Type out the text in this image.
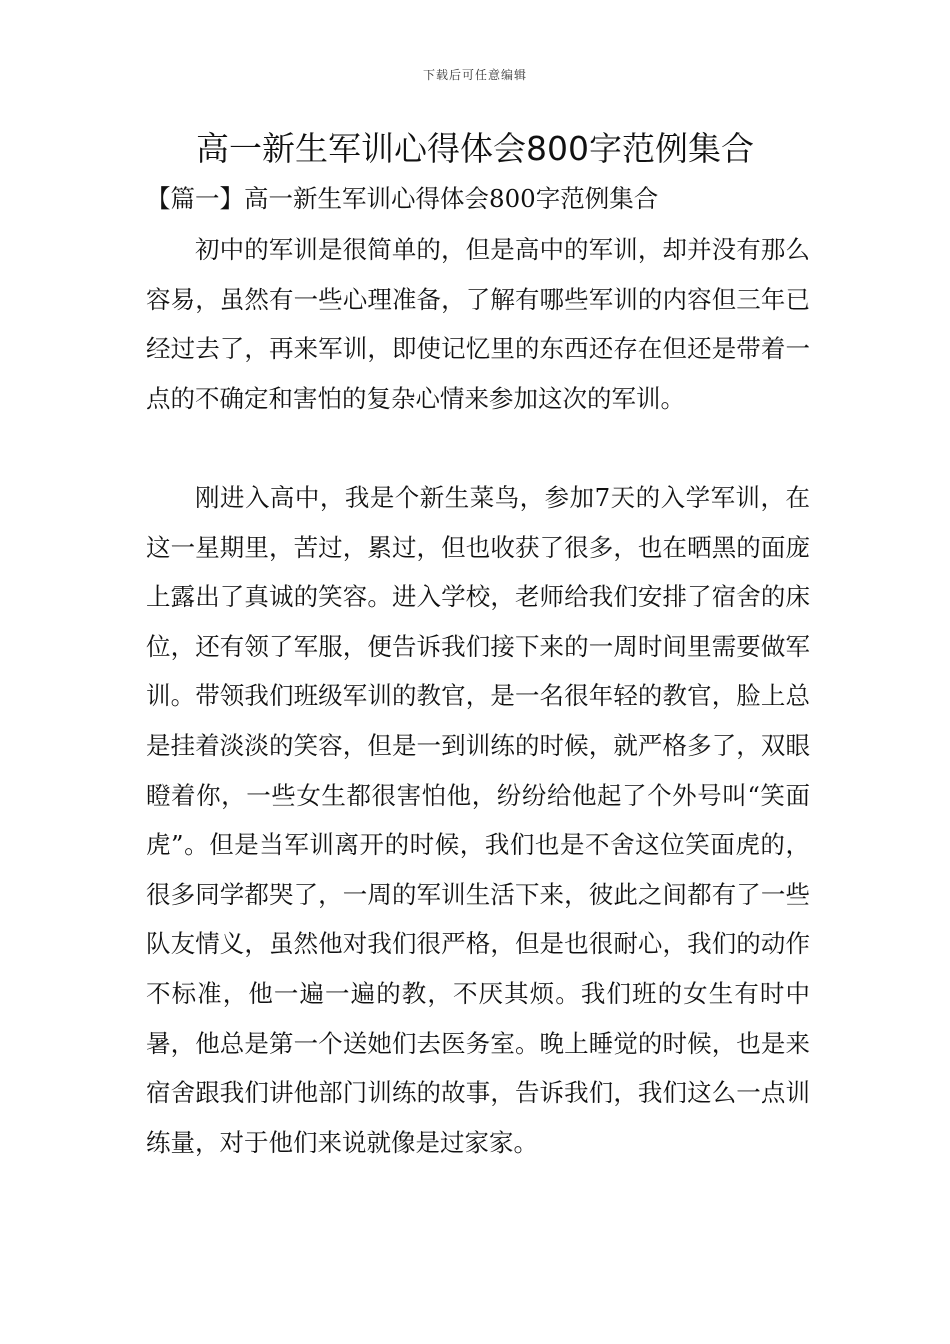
下载后可任意编辑
高一新生军训心得体会800字范例集合
【篇一】高一新生军训心得体会800字范例集合

初中的军训是很简单的，但是高中的军训，却并没有那么容易，虽然有一些心理准备，了解有哪些军训的内容但三年已经过去了，再来军训，即使记忆里的东西还存在但还是带着一点的不确定和害怕的复杂心情来参加这次的军训。

刚进入高中，我是个新生菜鸟，参加7天的入学军训，在这一星期里，苦过，累过，但也收获了很多，也在晒黑的面庞上露出了真诚的笑容。进入学校，老师给我们安排了宿舍的床位，还有领了军服，便告诉我们接下来的一周时间里需要做军训。带领我们班级军训的教官，是一名很年轻的教官，脸上总是挂着淡淡的笑容，但是一到训练的时候，就严格多了，双眼瞪着你，一些女生都很害怕他，纷纷给他起了个外号叫“笑面虎”。但是当军训离开的时候，我们也是不舍这位笑面虎的，很多同学都哭了，一周的军训生活下来，彼此之间都有了一些队友情义，虽然他对我们很严格，但是也很耐心，我们的动作不标准，他一遍一遍的教，不厌其烦。我们班的女生有时中暑，他总是第一个送她们去医务室。晚上睡觉的时候，也是来宿舍跟我们讲他部门训练的故事，告诉我们，我们这么一点训练量，对于他们来说就像是过家家。
